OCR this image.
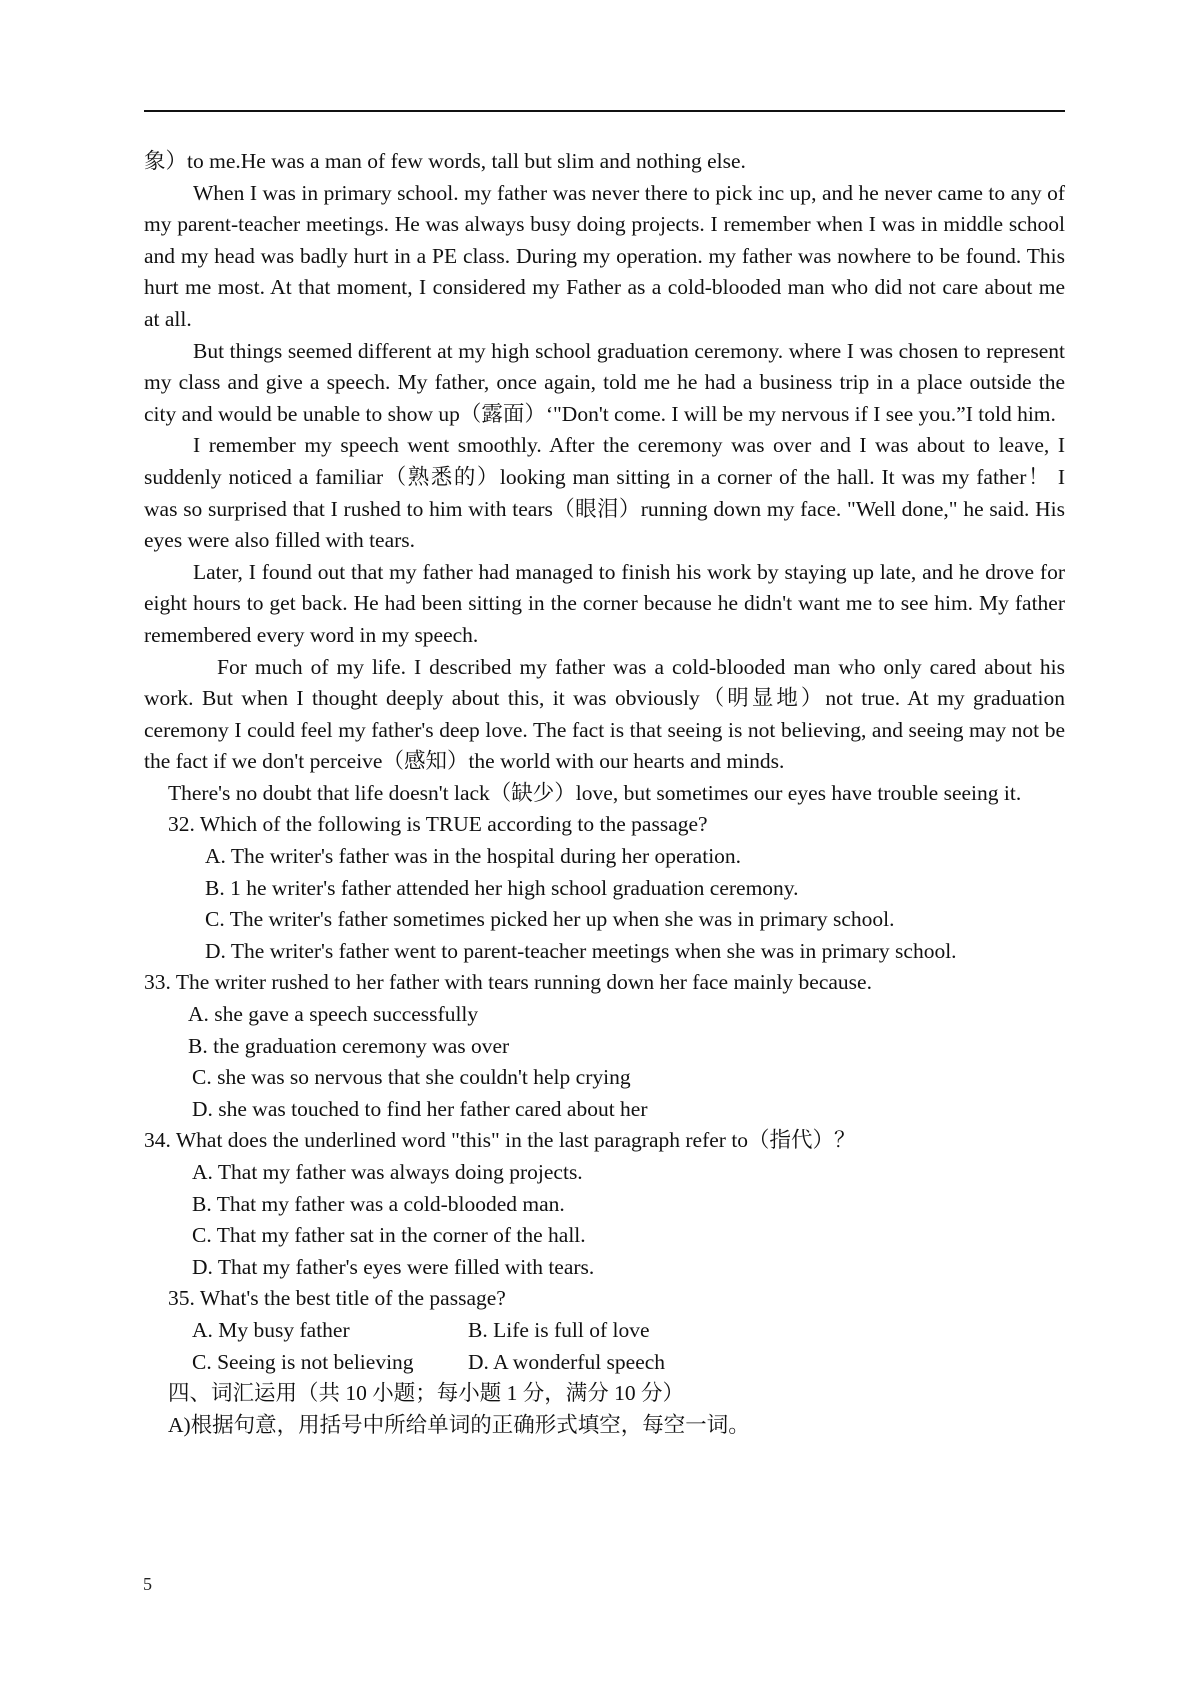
象）to me.He was a man of few words, tall but slim and nothing else.

When I was in primary school. my father was never there to pick inc up, and he never came to any of my parent-teacher meetings. He was always busy doing projects. I remember when I was in middle school and my head was badly hurt in a PE class. During my operation. my father was nowhere to be found. This hurt me most. At that moment, I considered my Father as a cold-blooded man who did not care about me at all.

But things seemed different at my high school graduation ceremony. where I was chosen to represent my class and give a speech. My father, once again, told me he had a business trip in a place outside the city and would be unable to show up（露面）‘"Don't come. I will be my nervous if I see you.”I told him.

I remember my speech went smoothly. After the ceremony was over and I was about to leave, I suddenly noticed a familiar（熟悉的）looking man sitting in a corner of the hall. It was my father！ I was so surprised that I rushed to him with tears（眼泪）running down my face. "Well done," he said. His eyes were also filled with tears.

Later, I found out that my father had managed to finish his work by staying up late, and he drove for eight hours to get back. He had been sitting in the corner because he didn't want me to see him. My father remembered every word in my speech.

For much of my life. I described my father was a cold-blooded man who only cared about his work. But when I thought deeply about this, it was obviously（明显地）not true. At my graduation ceremony I could feel my father's deep love. The fact is that seeing is not believing, and seeing may not be the fact if we don't perceive（感知）the world with our hearts and minds.

There's no doubt that life doesn't lack（缺少）love, but sometimes our eyes have trouble seeing it.

32. Which of the following is TRUE according to the passage?

A. The writer's father was in the hospital during her operation.

B. 1 he writer's father attended her high school graduation ceremony.

C. The writer's father sometimes picked her up when she was in primary school.

D. The writer's father went to parent-teacher meetings when she was in primary school.

33. The writer rushed to her father with tears running down her face mainly because.

A. she gave a speech successfully

B. the graduation ceremony was over

C. she was so nervous that she couldn't help crying

D. she was touched to find her father cared about her

34. What does the underlined word "this" in the last paragraph refer to（指代）？

A. That my father was always doing projects.

B. That my father was a cold-blooded man.

C. That my father sat in the corner of the hall.

D. That my father's eyes were filled with tears.

35. What's the best title of the passage?

A. My busy father	B. Life is full of love

C. Seeing is not believing	D. A wonderful speech

四、词汇运用（共 10 小题；每小题 1 分，满分 10 分）

A)根据句意，用括号中所给单词的正确形式填空，每空一词。

5
